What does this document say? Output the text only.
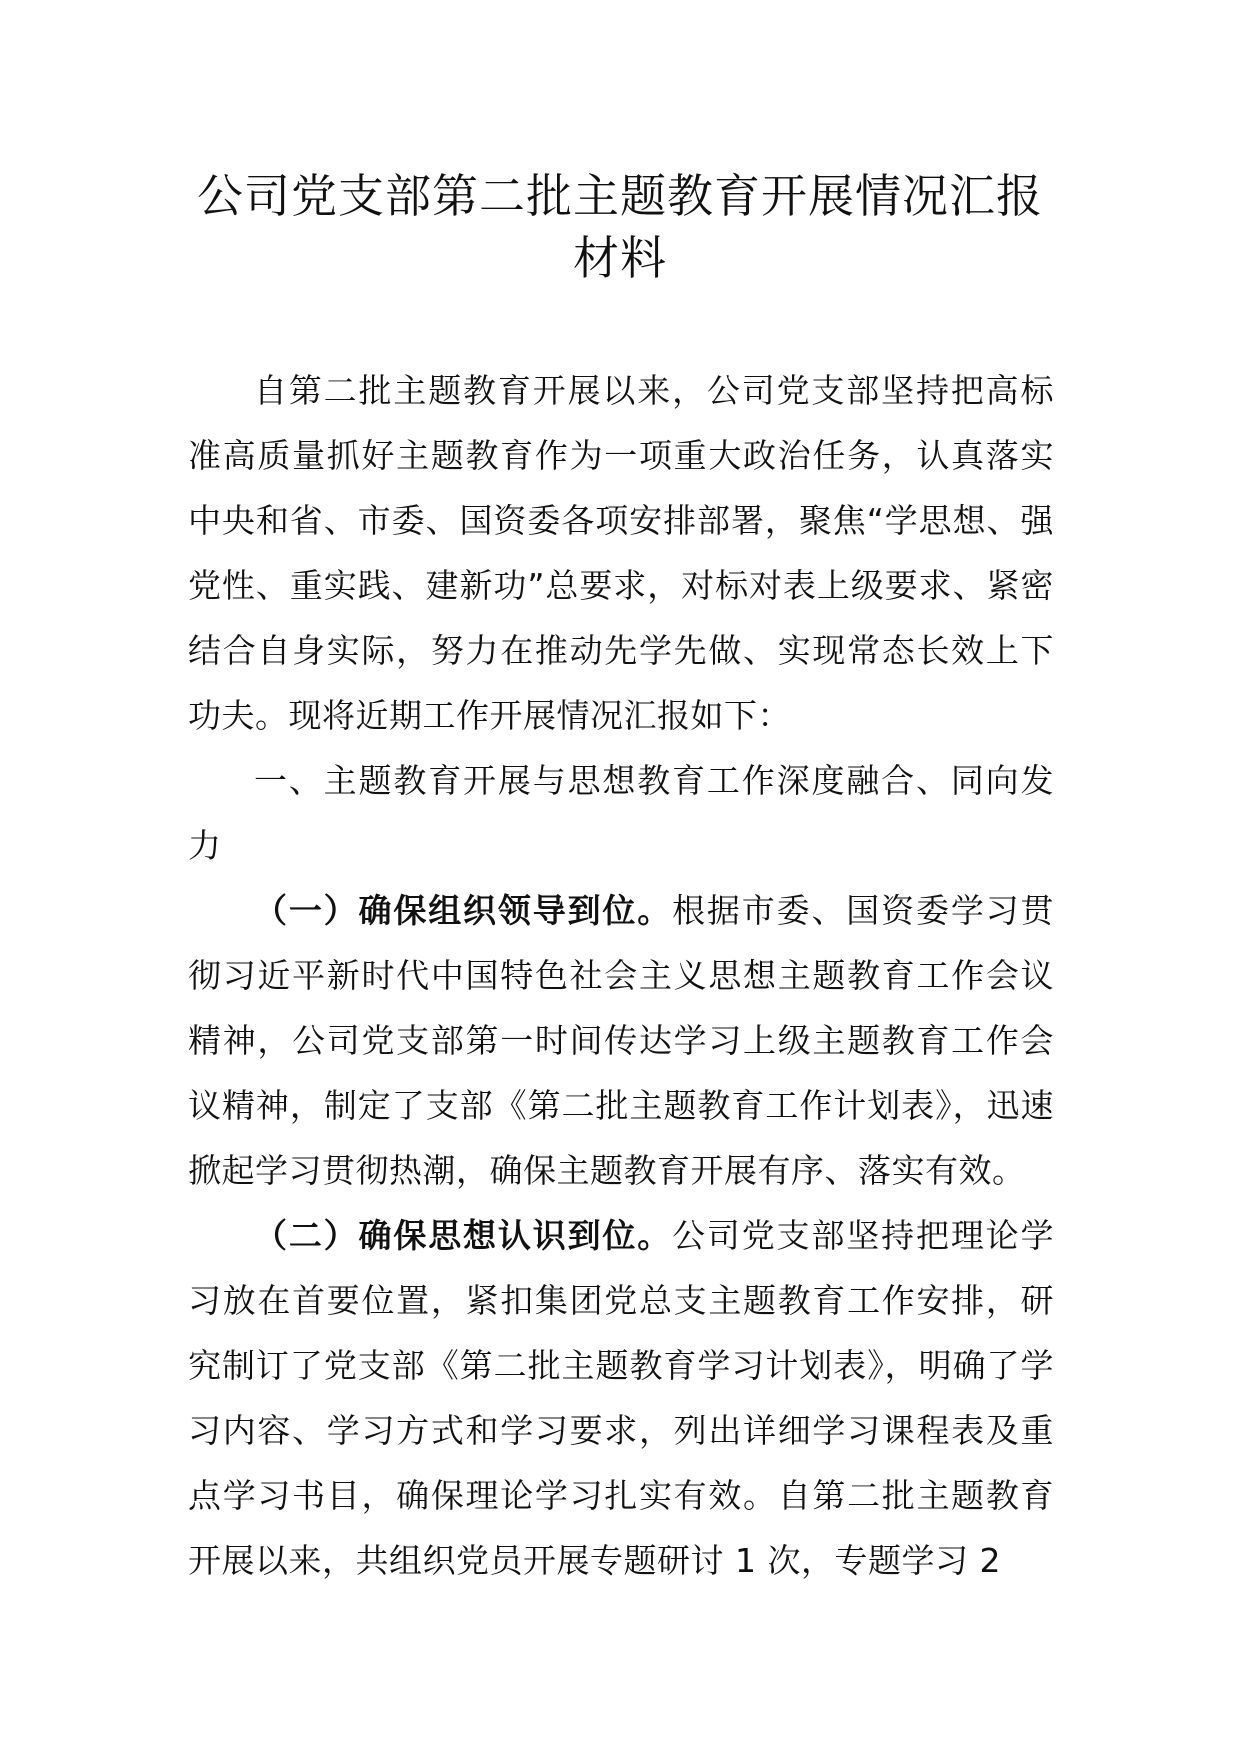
公司党支部第二批主题教育开展情况汇报
材料

自第二批主题教育开展以来，公司党支部坚持把高标准高质量抓好主题教育作为一项重大政治任务，认真落实中央和省、市委、国资委各项安排部署，聚焦“学思想、强党性、重实践、建新功”总要求，对标对表上级要求、紧密结合自身实际，努力在推动先学先做、实现常态长效上下功夫。现将近期工作开展情况汇报如下：

一、主题教育开展与思想教育工作深度融合、同向发力

（一）确保组织领导到位。根据市委、国资委学习贯彻习近平新时代中国特色社会主义思想主题教育工作会议精神，公司党支部第一时间传达学习上级主题教育工作会议精神，制定了支部《第二批主题教育工作计划表》，迅速掀起学习贯彻热潮，确保主题教育开展有序、落实有效。

（二）确保思想认识到位。公司党支部坚持把理论学习放在首要位置，紧扣集团党总支主题教育工作安排，研究制订了党支部《第二批主题教育学习计划表》，明确了学习内容、学习方式和学习要求，列出详细学习课程表及重点学习书目，确保理论学习扎实有效。自第二批主题教育开展以来，共组织党员开展专题研讨 1 次，专题学习 2
